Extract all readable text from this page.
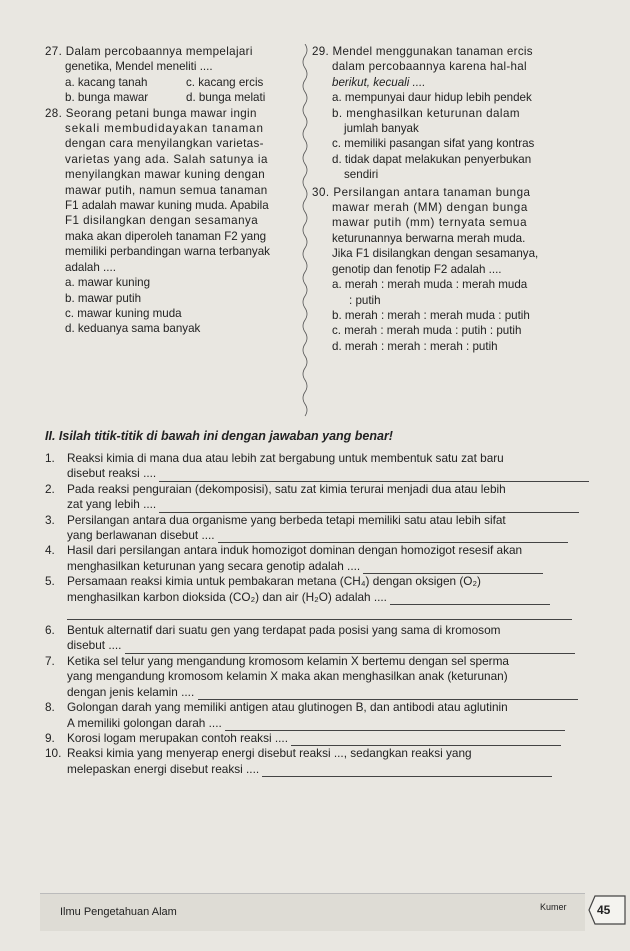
27. Dalam percobaannya mempelajari
genetika, Mendel meneliti ....
a. kacang tanah	c. kacang ercis
b. bunga mawar	d. bunga melati
28. Seorang petani bunga mawar ingin
sekali membudidayakan tanaman
dengan cara menyilangkan varietas-
varietas yang ada. Salah satunya ia
menyilangkan mawar kuning dengan
mawar putih, namun semua tanaman
F1 adalah mawar kuning muda. Apabila
F1 disilangkan dengan sesamanya
maka akan diperoleh tanaman F2 yang
memiliki perbandingan warna terbanyak
adalah ....
a. mawar kuning
b. mawar putih
c. mawar kuning muda
d. keduanya sama banyak
29. Mendel menggunakan tanaman ercis
dalam percobaannya karena hal-hal
berikut, kecuali ....
a. mempunyai daur hidup lebih pendek
b. menghasilkan keturunan dalam
jumlah banyak
c. memiliki pasangan sifat yang kontras
d. tidak dapat melakukan penyerbukan
sendiri
30. Persilangan antara tanaman bunga
mawar merah (MM) dengan bunga
mawar putih (mm) ternyata semua
keturunannya berwarna merah muda.
Jika F1 disilangkan dengan sesamanya,
genotip dan fenotip F2 adalah ....
a. merah : merah muda : merah muda
: putih
b. merah : merah : merah muda : putih
c. merah : merah muda : putih : putih
d. merah : merah : merah : putih
II. Isilah titik-titik di bawah ini dengan jawaban yang benar!
1.	Reaksi kimia di mana dua atau lebih zat bergabung untuk membentuk satu zat baru
disebut reaksi ....
2.	Pada reaksi penguraian (dekomposisi), satu zat kimia terurai menjadi dua atau lebih
zat yang lebih ....
3.	Persilangan antara dua organisme yang berbeda tetapi memiliki satu atau lebih sifat
yang berlawanan disebut ....
4.	Hasil dari persilangan antara induk homozigot dominan dengan homozigot resesif akan
menghasilkan keturunan yang secara genotip adalah ....
5.	Persamaan reaksi kimia untuk pembakaran metana (CH₄) dengan oksigen (O₂)
menghasilkan karbon dioksida (CO₂) dan air (H₂O) adalah ....
6.	Bentuk alternatif dari suatu gen yang terdapat pada posisi yang sama di kromosom
disebut ....
7.	Ketika sel telur yang mengandung kromosom kelamin X bertemu dengan sel sperma
yang mengandung kromosom kelamin X maka akan menghasilkan anak (keturunan)
dengan jenis kelamin ....
8.	Golongan darah yang memiliki antigen atau glutinogen B, dan antibodi atau aglutinin
A memiliki golongan darah ....
9.	Korosi logam merupakan contoh reaksi ....
10. Reaksi kimia yang menyerap energi disebut reaksi ..., sedangkan reaksi yang
melepaskan energi disebut reaksi ....
Ilmu Pengetahuan Alam	Kumer	45
